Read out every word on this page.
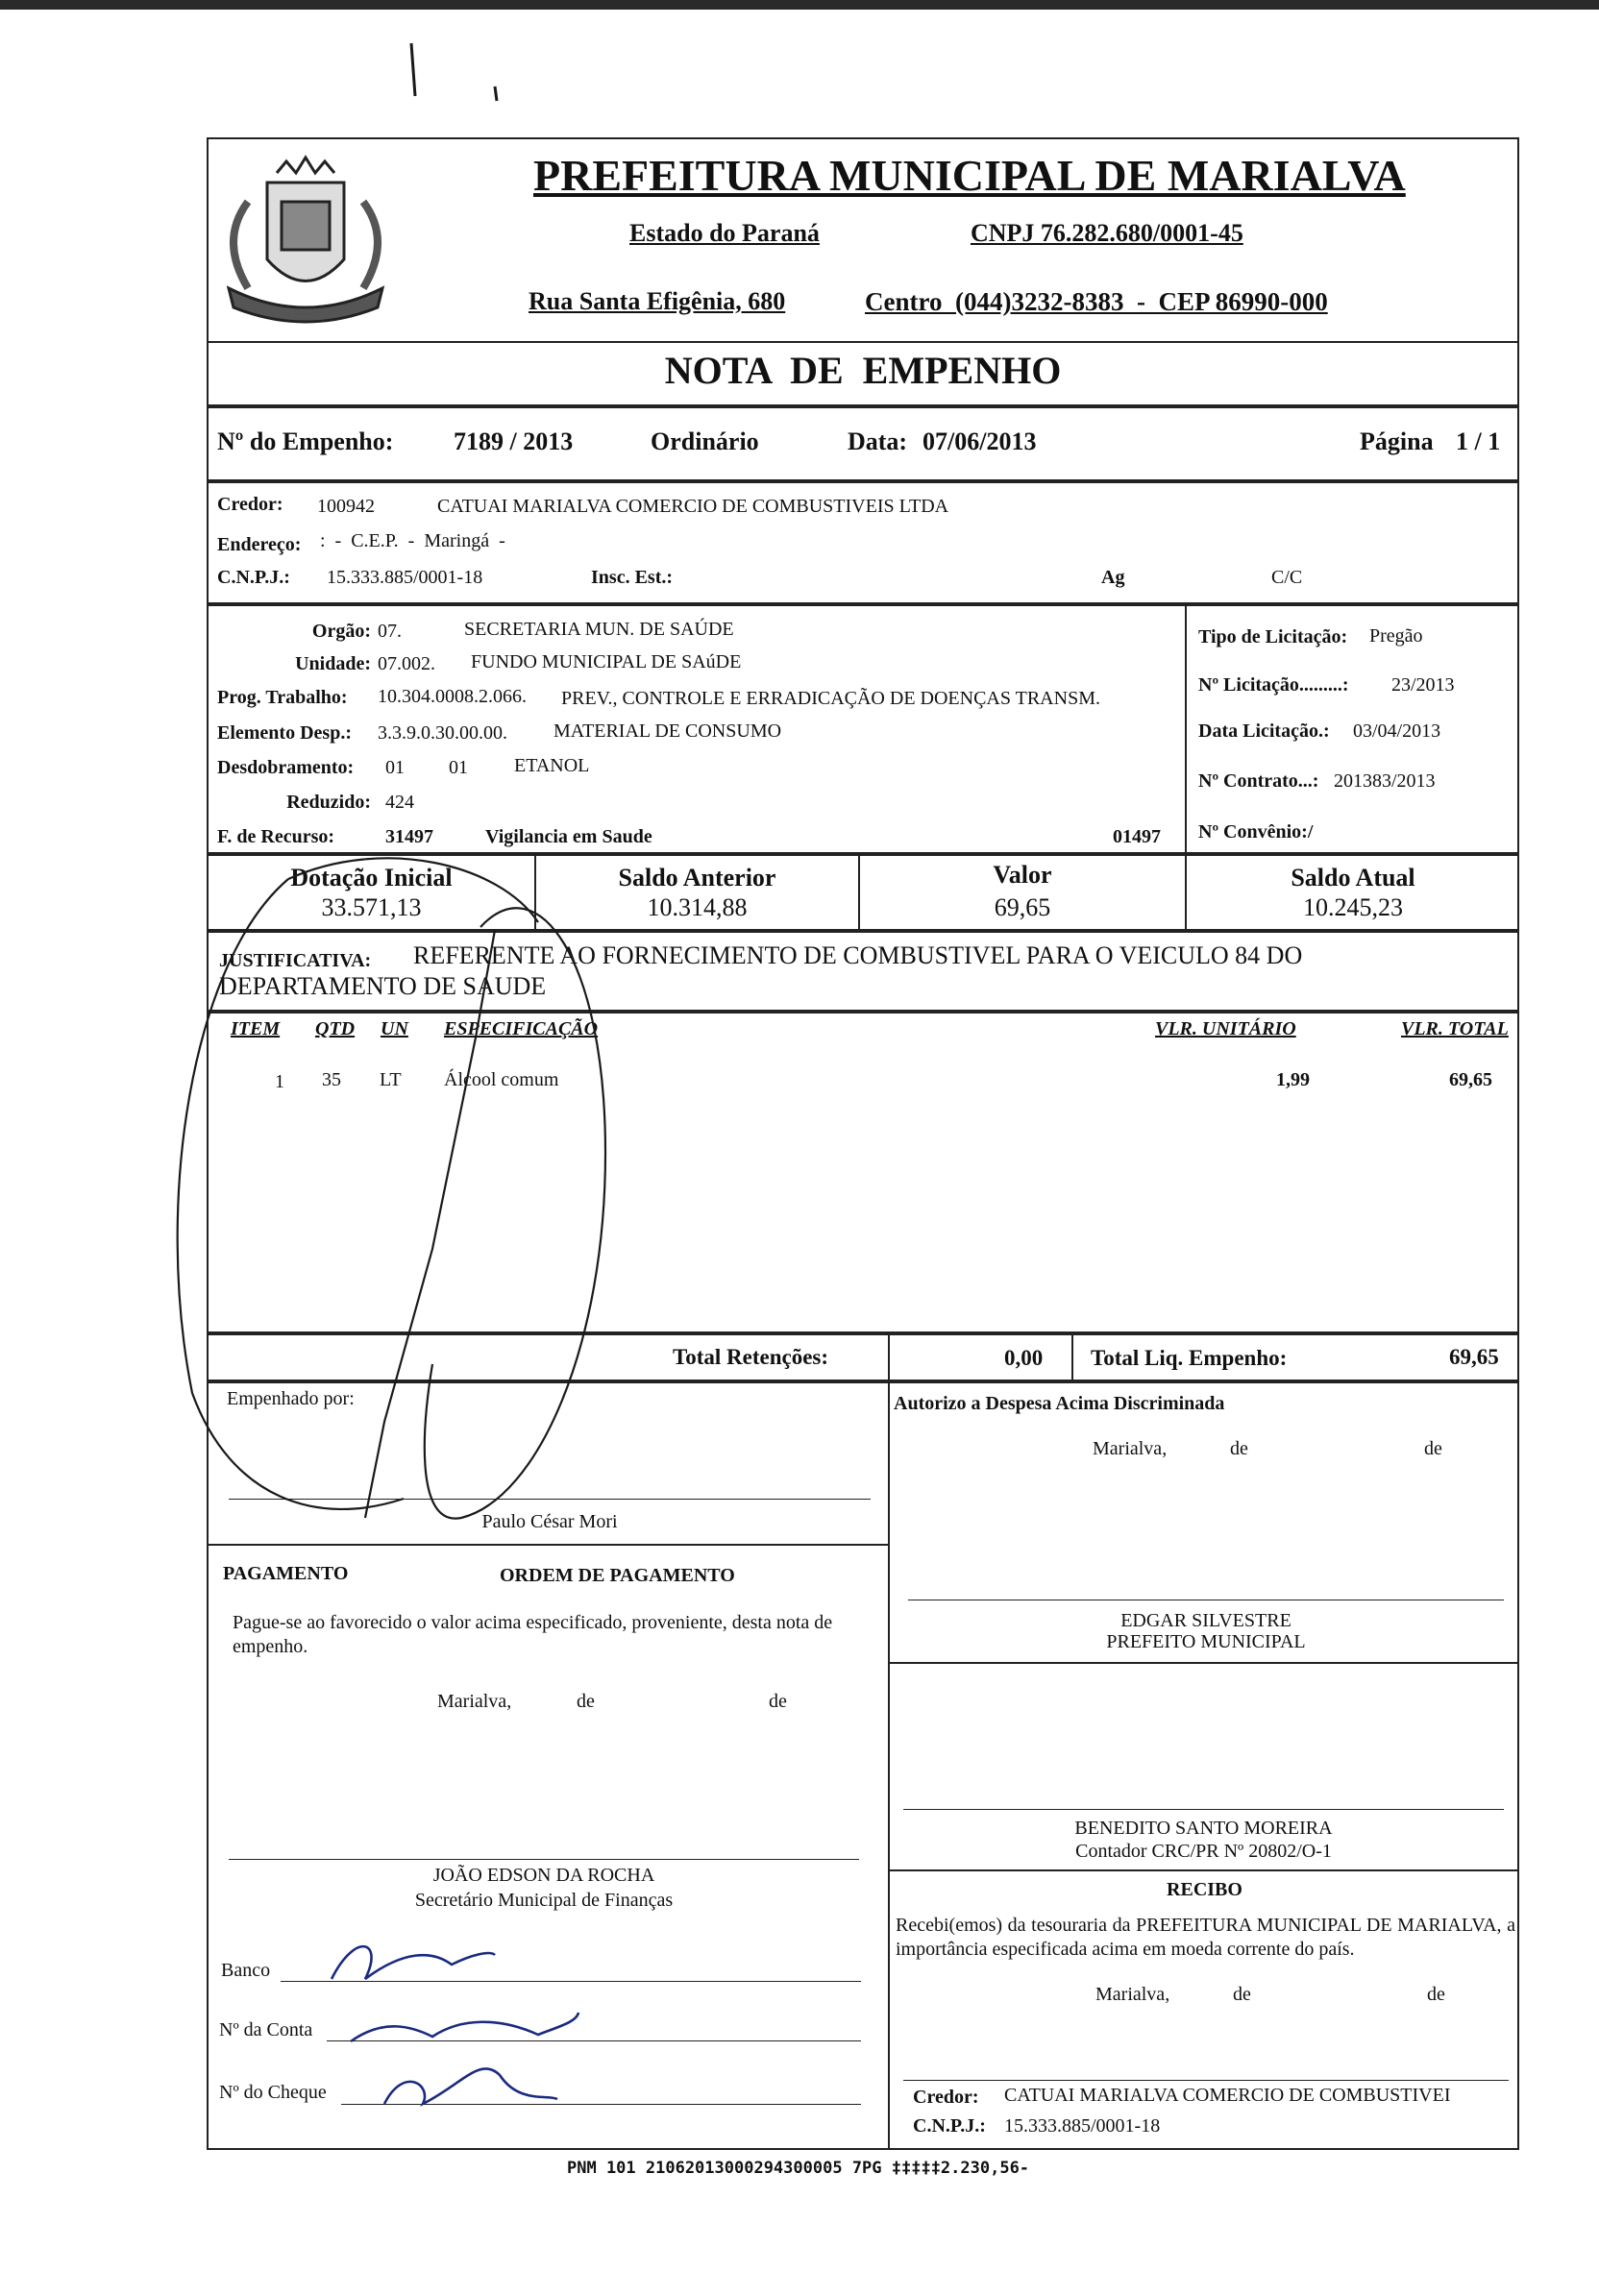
PREFEITURA MUNICIPAL DE MARIALVA
Estado do Paraná	CNPJ 76.282.680/0001-45
Rua Santa Efigênia, 680	Centro  (044)3232-8383  -  CEP 86990-000
NOTA  DE  EMPENHO
Nº do Empenho: 7189 / 2013	Ordinário	Data: 07/06/2013	Página 1 / 1
Credor: 100942	CATUAI MARIALVA COMERCIO DE COMBUSTIVEIS LTDA
Endereço: :  -  C.E.P.  -  Maringá  -
C.N.P.J.: 15.333.885/0001-18	Insc. Est.:	Ag	C/C
Orgão: 07.	SECRETARIA MUN. DE SAÚDE
Unidade: 07.002. FUNDO MUNICIPAL DE SAúDE
Prog. Trabalho: 10.304.0008.2.066. PREV., CONTROLE E ERRADICAÇÃO DE DOENÇAS TRANSM.
Elemento Desp.: 3.3.9.0.30.00.00. MATERIAL DE CONSUMO
Desdobramento: 01 01 ETANOL
Reduzido: 424
F. de Recurso:	31497	Vigilancia em Saude	01497
Tipo de Licitação: Pregão
Nº Licitação.........: 23/2013
Data Licitação.: 03/04/2013
Nº Contrato...: 201383/2013
Nº Convênio:/
Dotação Inicial
33.571,13
Saldo Anterior
10.314,88
Valor
69,65
Saldo Atual
10.245,23
JUSTIFICATIVA: REFERENTE AO FORNECIMENTO DE COMBUSTIVEL PARA O VEICULO 84 DO
DEPARTAMENTO DE SAUDE
ITEM QTD UN ESPECIFICAÇÃO	VLR. UNITÁRIO	VLR. TOTAL
1 35 LT Álcool comum	1,99	69,65
Total Retenções:	0,00 Total Liq. Empenho:	69,65
Empenhado por:
Paulo César Mori
PAGAMENTO	ORDEM DE PAGAMENTO
Pague-se ao favorecido o valor acima especificado, proveniente, desta nota de empenho.
Marialva,	de	de
JOÃO EDSON DA ROCHA
Secretário Municipal de Finanças
Banco
Nº da Conta
Nº do Cheque
Autorizo a Despesa Acima Discriminada
Marialva,	de	de
EDGAR SILVESTRE
PREFEITO MUNICIPAL
BENEDITO SANTO MOREIRA
Contador CRC/PR Nº 20802/O-1
RECIBO
Recebi(emos) da tesouraria da PREFEITURA MUNICIPAL DE MARIALVA, a importância especificada acima em moeda corrente do país.
Marialva,	de	de
Credor: CATUAI MARIALVA COMERCIO DE COMBUSTIVEI
C.N.P.J.: 15.333.885/0001-18
PNM 101 21062013000294300005 7PG ‡‡‡‡‡2.230,56-
